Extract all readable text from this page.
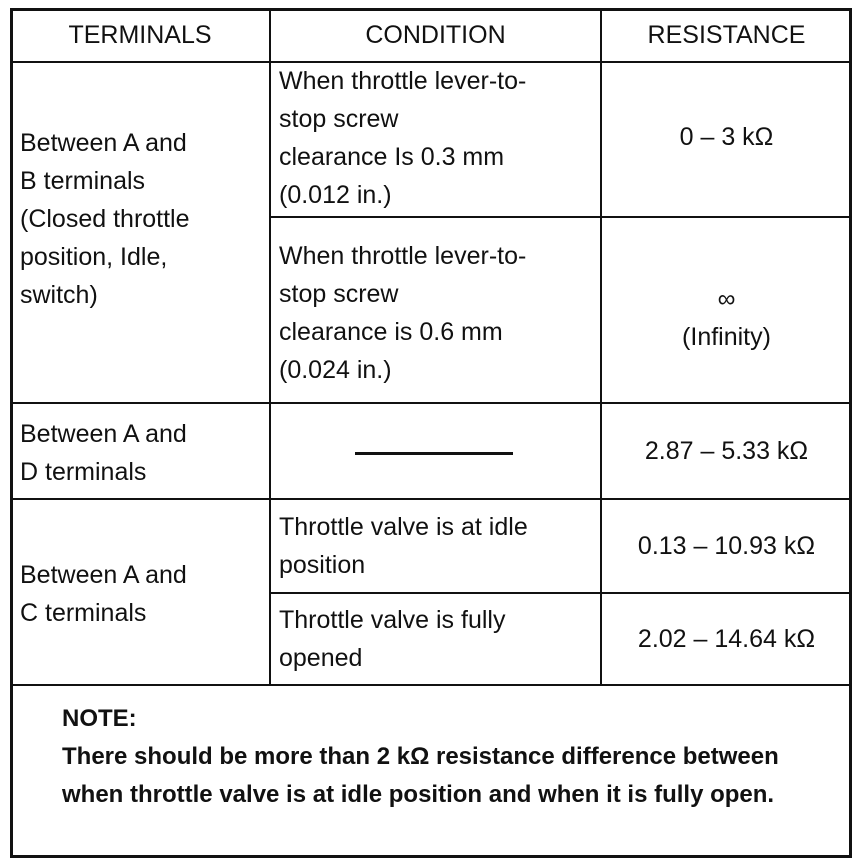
TERMINALS	CONDITION	RESISTANCE
Between A and
B terminals
(Closed throttle
position, Idle,
switch)
When throttle lever-to-
stop screw
clearance Is 0.3 mm
(0.012 in.)
0 – 3 kΩ
When throttle lever-to-
stop screw
clearance is 0.6 mm
(0.024 in.)
∞
(Infinity)
Between A and
D terminals
2.87 – 5.33 kΩ
Between A and
C terminals
Throttle valve is at idle
position
0.13 – 10.93 kΩ
Throttle valve is fully
opened
2.02 – 14.64 kΩ
NOTE:
There should be more than 2 kΩ resistance difference between when throttle valve is at idle position and when it is fully open.
